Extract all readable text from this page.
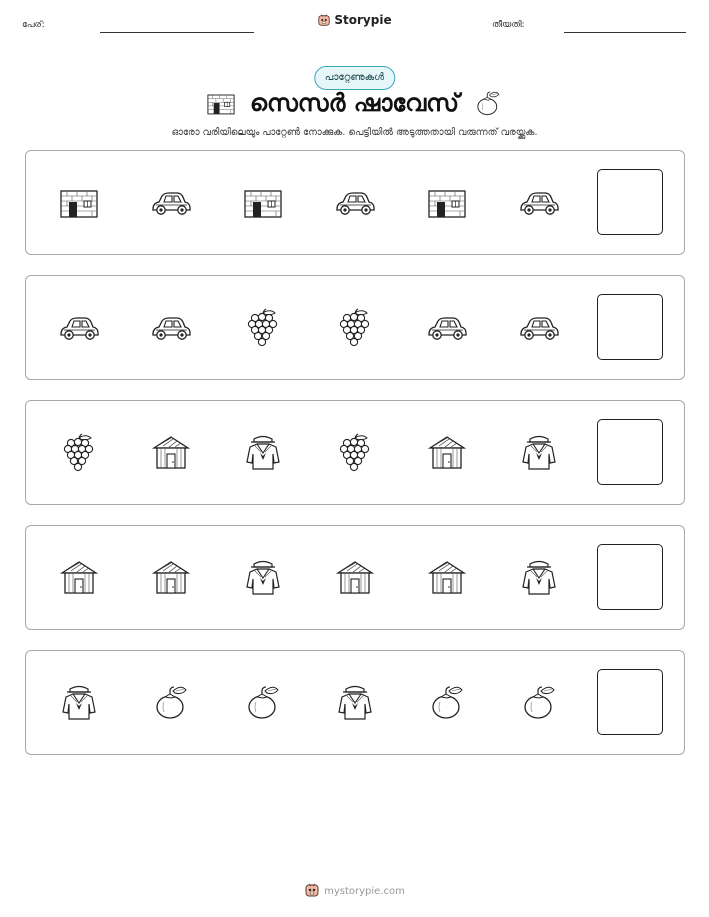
പേര്:	Storypie	തീയതി:
പാറ്റേണുകൾ
സെസർ ഷാവേസ്
ഓരോ വരിയിലെയും പാറ്റേൺ നോക്കുക. പെട്ടിയിൽ അടുത്തതായി വരുന്നത് വരയ്ക്കുക.
mystorypie.com
